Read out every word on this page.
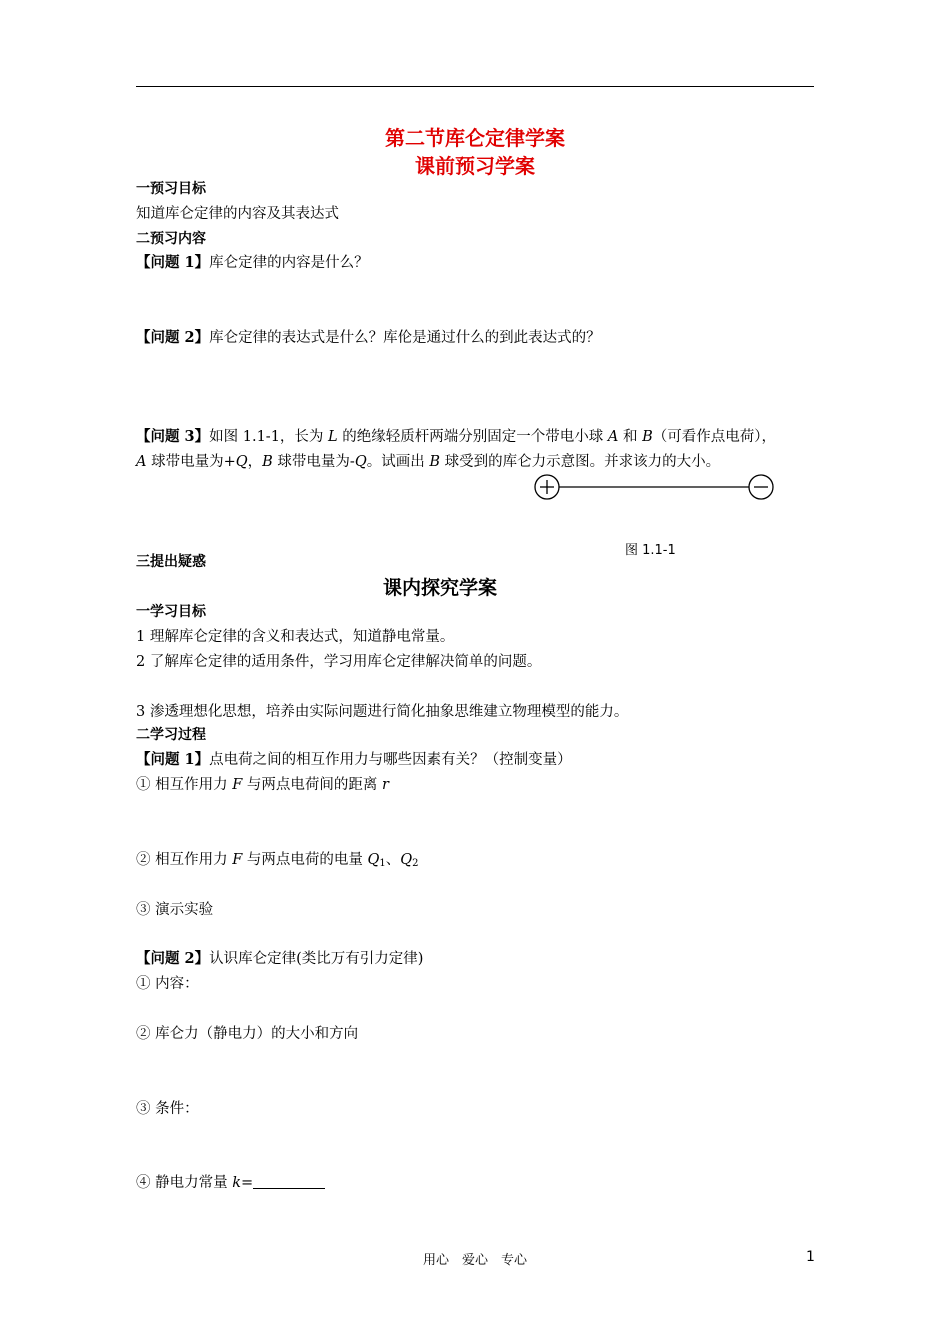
第二节库仑定律学案
课前预习学案
一预习目标
知道库仑定律的内容及其表达式
二预习内容
【问题 1】库仑定律的内容是什么？
【问题 2】库仑定律的表达式是什么？库伦是通过什么的到此表达式的？
【问题 3】如图 1.1-1，长为 L 的绝缘轻质杆两端分别固定一个带电小球 A 和 B（可看作点电荷），
A 球带电量为+Q，B 球带电量为-Q。试画出 B 球受到的库仑力示意图。并求该力的大小。
图 1.1-1
三提出疑惑
课内探究学案
一学习目标
1 理解库仑定律的含义和表达式，知道静电常量。
2 了解库仑定律的适用条件，学习用库仑定律解决简单的问题。
3 渗透理想化思想，培养由实际问题进行简化抽象思维建立物理模型的能力。
二学习过程
【问题 1】点电荷之间的相互作用力与哪些因素有关？（控制变量）
① 相互作用力 F 与两点电荷间的距离 r
② 相互作用力 F 与两点电荷的电量 $Q_1$、$Q_2$
③ 演示实验
【问题 2】认识库仑定律(类比万有引力定律)
① 内容：
② 库仑力（静电力）的大小和方向
③ 条件：
④ 静电力常量 k=
用心　爱心　专心	1
